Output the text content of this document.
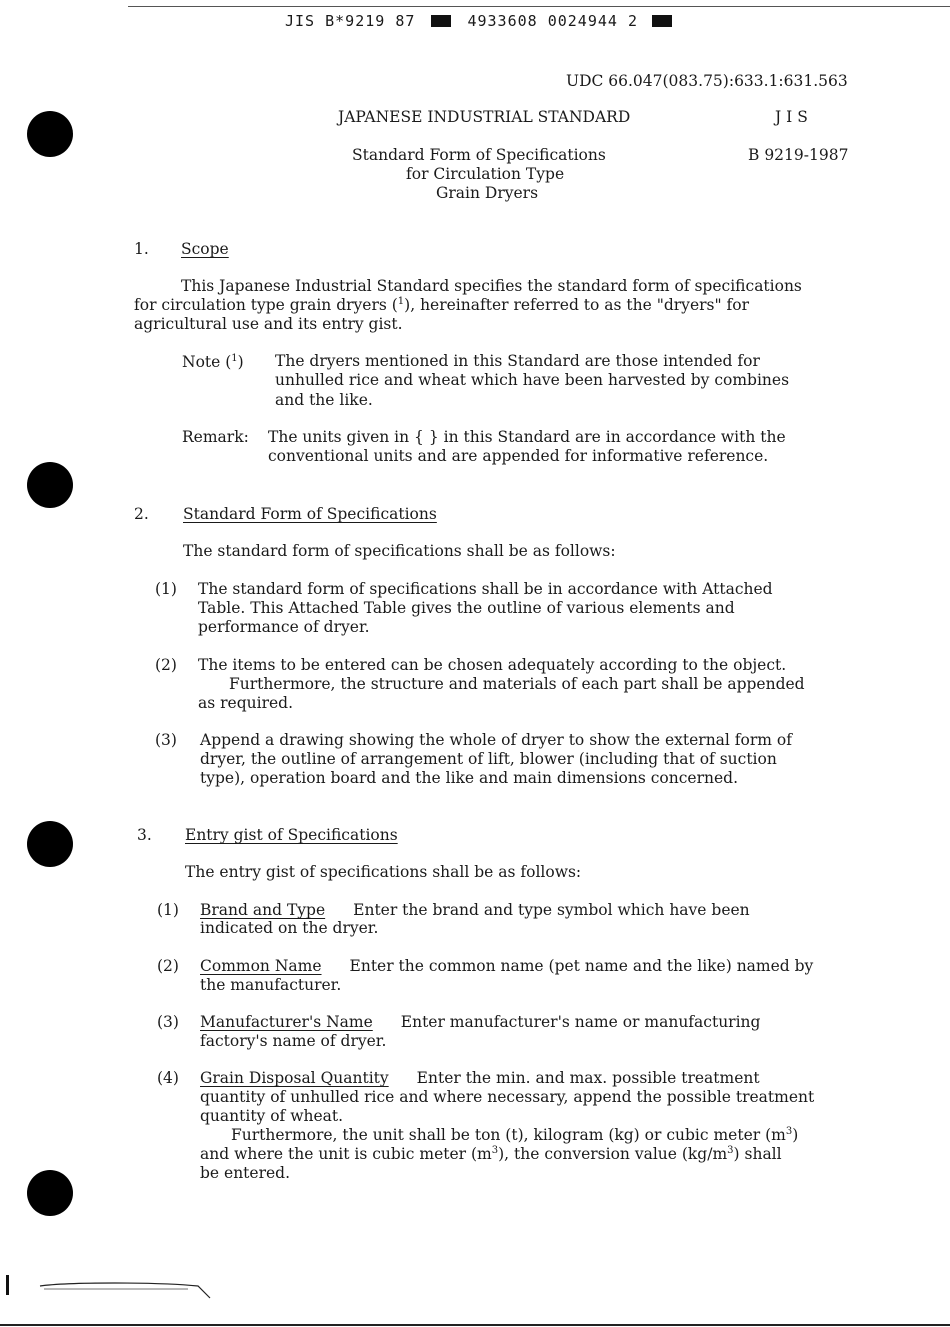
JIS B*9219 87	4933608 0024944 2
UDC 66.047(083.75):633.1:631.563
JAPANESE INDUSTRIAL STANDARD	J I S
Standard Form of Specifications	B 9219-1987
for Circulation Type
Grain Dryers
1. Scope
This Japanese Industrial Standard specifies the standard form of specifications
for circulation type grain dryers ($^1$), hereinafter referred to as the "dryers" for
agricultural use and its entry gist.
Note ($^1$) The dryers mentioned in this Standard are those intended for
unhulled rice and wheat which have been harvested by combines
and the like.
Remark: The units given in { } in this Standard are in accordance with the
conventional units and are appended for informative reference.
2. Standard Form of Specifications
The standard form of specifications shall be as follows:
(1) The standard form of specifications shall be in accordance with Attached
Table. This Attached Table gives the outline of various elements and
performance of dryer.
(2) The items to be entered can be chosen adequately according to the object.
Furthermore, the structure and materials of each part shall be appended
as required.
(3) Append a drawing showing the whole of dryer to show the external form of
dryer, the outline of arrangement of lift, blower (including that of suction
type), operation board and the like and main dimensions concerned.
3. Entry gist of Specifications
The entry gist of specifications shall be as follows:
(1) Brand and Type Enter the brand and type symbol which have been
indicated on the dryer.
(2) Common Name Enter the common name (pet name and the like) named by
the manufacturer.
(3) Manufacturer's Name Enter manufacturer's name or manufacturing
factory's name of dryer.
(4) Grain Disposal Quantity Enter the min. and max. possible treatment
quantity of unhulled rice and where necessary, append the possible treatment
quantity of wheat.
Furthermore, the unit shall be ton (t), kilogram (kg) or cubic meter $(m^3)$
and where the unit is cubic meter $(m^3)$, the conversion value $(kg/m^3)$ shall
be entered.
